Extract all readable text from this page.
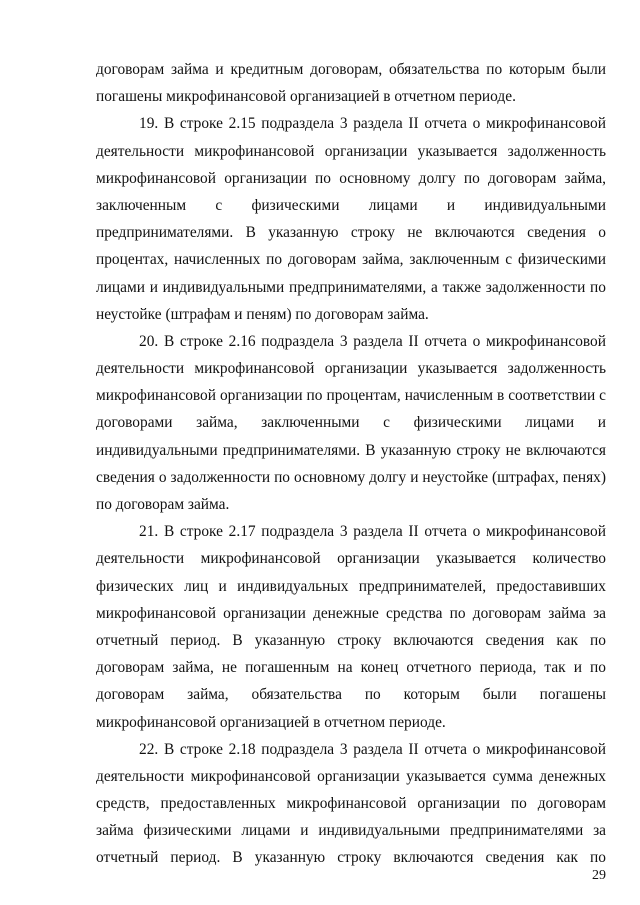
договорам займа и кредитным договорам, обязательства по которым были
погашены микрофинансовой организацией в отчетном периоде.
19. В строке 2.15 подраздела 3 раздела II отчета о микрофинансовой
деятельности микрофинансовой организации указывается задолженность
микрофинансовой организации по основному долгу по договорам займа,
заключенным с физическими лицами и индивидуальными
предпринимателями. В указанную строку не включаются сведения о
процентах, начисленных по договорам займа, заключенным с физическими
лицами и индивидуальными предпринимателями, а также задолженности по
неустойке (штрафам и пеням) по договорам займа.
20. В строке 2.16 подраздела 3 раздела II отчета о микрофинансовой
деятельности микрофинансовой организации указывается задолженность
микрофинансовой организации по процентам, начисленным в соответствии с
договорами займа, заключенными с физическими лицами и
индивидуальными предпринимателями. В указанную строку не включаются
сведения о задолженности по основному долгу и неустойке (штрафах, пенях)
по договорам займа.
21. В строке 2.17 подраздела 3 раздела II отчета о микрофинансовой
деятельности микрофинансовой организации указывается количество
физических лиц и индивидуальных предпринимателей, предоставивших
микрофинансовой организации денежные средства по договорам займа за
отчетный период. В указанную строку включаются сведения как по
договорам займа, не погашенным на конец отчетного периода, так и по
договорам займа, обязательства по которым были погашены
микрофинансовой организацией в отчетном периоде.
22. В строке 2.18 подраздела 3 раздела II отчета о микрофинансовой
деятельности микрофинансовой организации указывается сумма денежных
средств, предоставленных микрофинансовой организации по договорам
займа физическими лицами и индивидуальными предпринимателями за
отчетный период. В указанную строку включаются сведения как по
29
